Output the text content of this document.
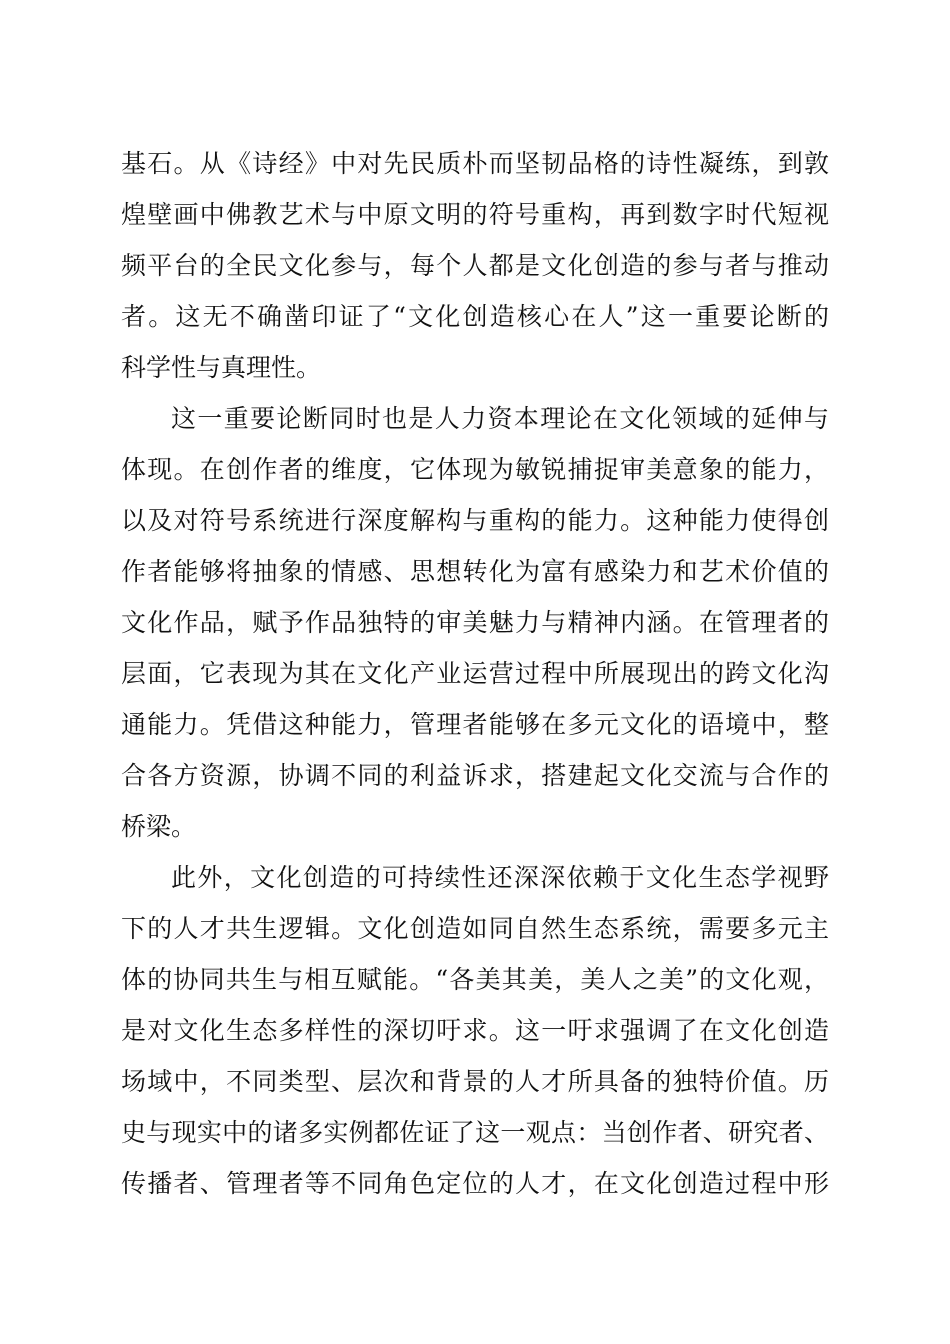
基石。从《诗经》中对先民质朴而坚韧品格的诗性凝练，到敦
煌壁画中佛教艺术与中原文明的符号重构，再到数字时代短视
频平台的全民文化参与，每个人都是文化创造的参与者与推动
者。这无不确凿印证了“文化创造核心在人”这一重要论断的
科学性与真理性。
这一重要论断同时也是人力资本理论在文化领域的延伸与
体现。在创作者的维度，它体现为敏锐捕捉审美意象的能力，
以及对符号系统进行深度解构与重构的能力。这种能力使得创
作者能够将抽象的情感、思想转化为富有感染力和艺术价值的
文化作品，赋予作品独特的审美魅力与精神内涵。在管理者的
层面，它表现为其在文化产业运营过程中所展现出的跨文化沟
通能力。凭借这种能力，管理者能够在多元文化的语境中，整
合各方资源，协调不同的利益诉求，搭建起文化交流与合作的
桥梁。
此外，文化创造的可持续性还深深依赖于文化生态学视野
下的人才共生逻辑。文化创造如同自然生态系统，需要多元主
体的协同共生与相互赋能。“各美其美，美人之美”的文化观，
是对文化生态多样性的深切吁求。这一吁求强调了在文化创造
场域中，不同类型、层次和背景的人才所具备的独特价值。历
史与现实中的诸多实例都佐证了这一观点：当创作者、研究者、
传播者、管理者等不同角色定位的人才，在文化创造过程中形
